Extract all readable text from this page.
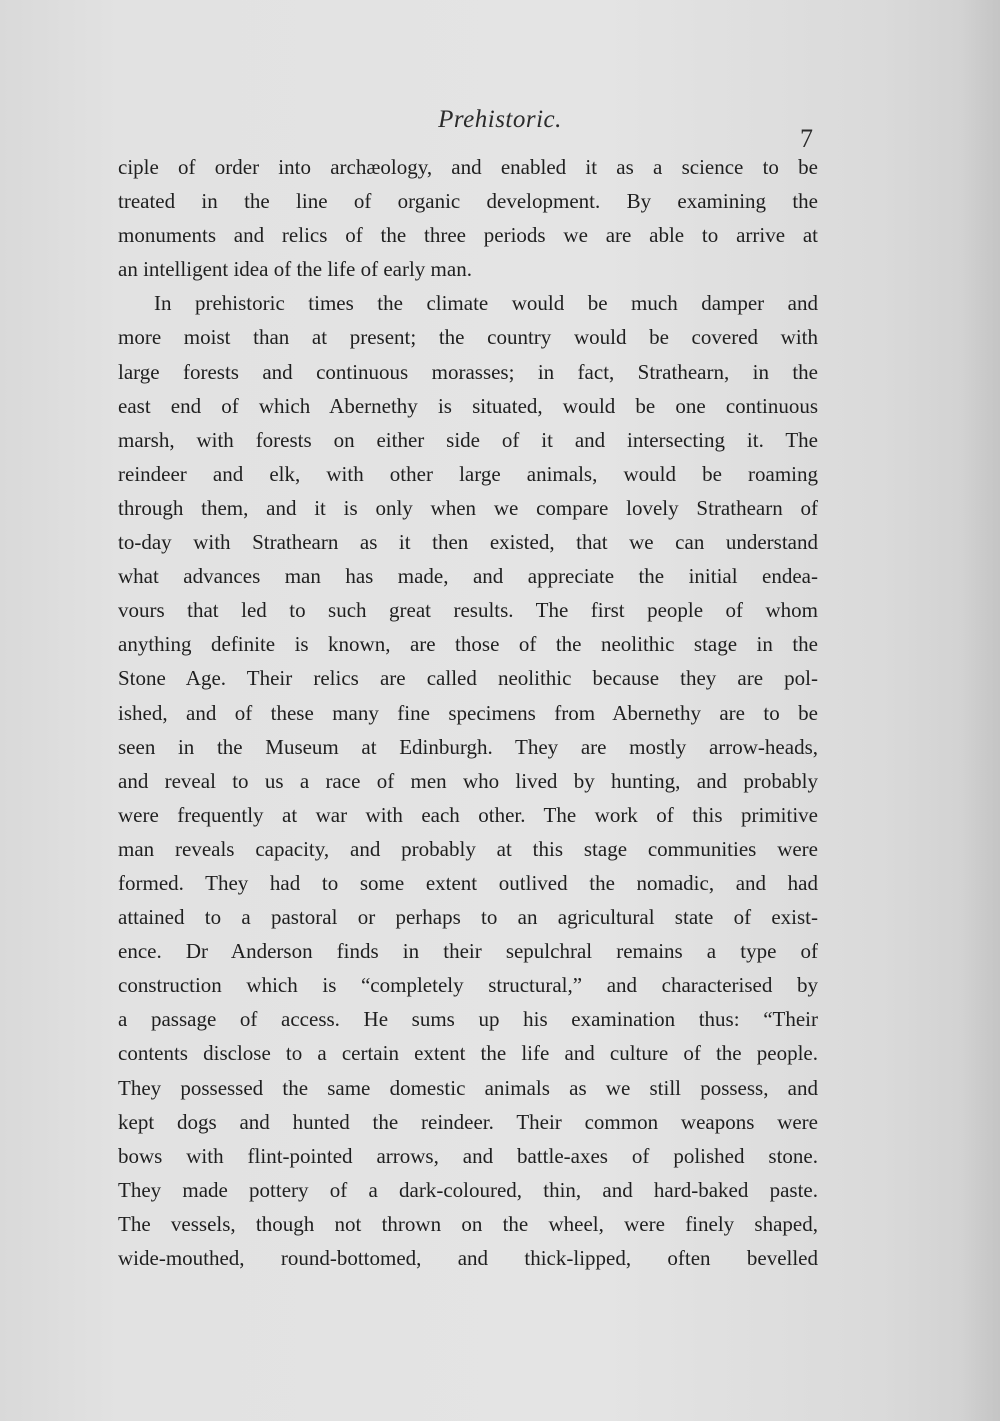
Prehistoric.
7
ciple of order into archæology, and enabled it as a science to be
treated in the line of organic development. By examining the
monuments and relics of the three periods we are able to arrive at
an intelligent idea of the life of early man.
In prehistoric times the climate would be much damper and
more moist than at present; the country would be covered with
large forests and continuous morasses; in fact, Strathearn, in the
east end of which Abernethy is situated, would be one continuous
marsh, with forests on either side of it and intersecting it. The
reindeer and elk, with other large animals, would be roaming
through them, and it is only when we compare lovely Strathearn of
to-day with Strathearn as it then existed, that we can understand
what advances man has made, and appreciate the initial endea-
vours that led to such great results. The first people of whom
anything definite is known, are those of the neolithic stage in the
Stone Age. Their relics are called neolithic because they are pol-
ished, and of these many fine specimens from Abernethy are to be
seen in the Museum at Edinburgh. They are mostly arrow-heads,
and reveal to us a race of men who lived by hunting, and probably
were frequently at war with each other. The work of this primitive
man reveals capacity, and probably at this stage communities were
formed. They had to some extent outlived the nomadic, and had
attained to a pastoral or perhaps to an agricultural state of exist-
ence. Dr Anderson finds in their sepulchral remains a type of
construction which is “completely structural,” and characterised by
a passage of access. He sums up his examination thus: “Their
contents disclose to a certain extent the life and culture of the people.
They possessed the same domestic animals as we still possess, and
kept dogs and hunted the reindeer. Their common weapons were
bows with flint-pointed arrows, and battle-axes of polished stone.
They made pottery of a dark-coloured, thin, and hard-baked paste.
The vessels, though not thrown on the wheel, were finely shaped,
wide-mouthed, round-bottomed, and thick-lipped, often bevelled
